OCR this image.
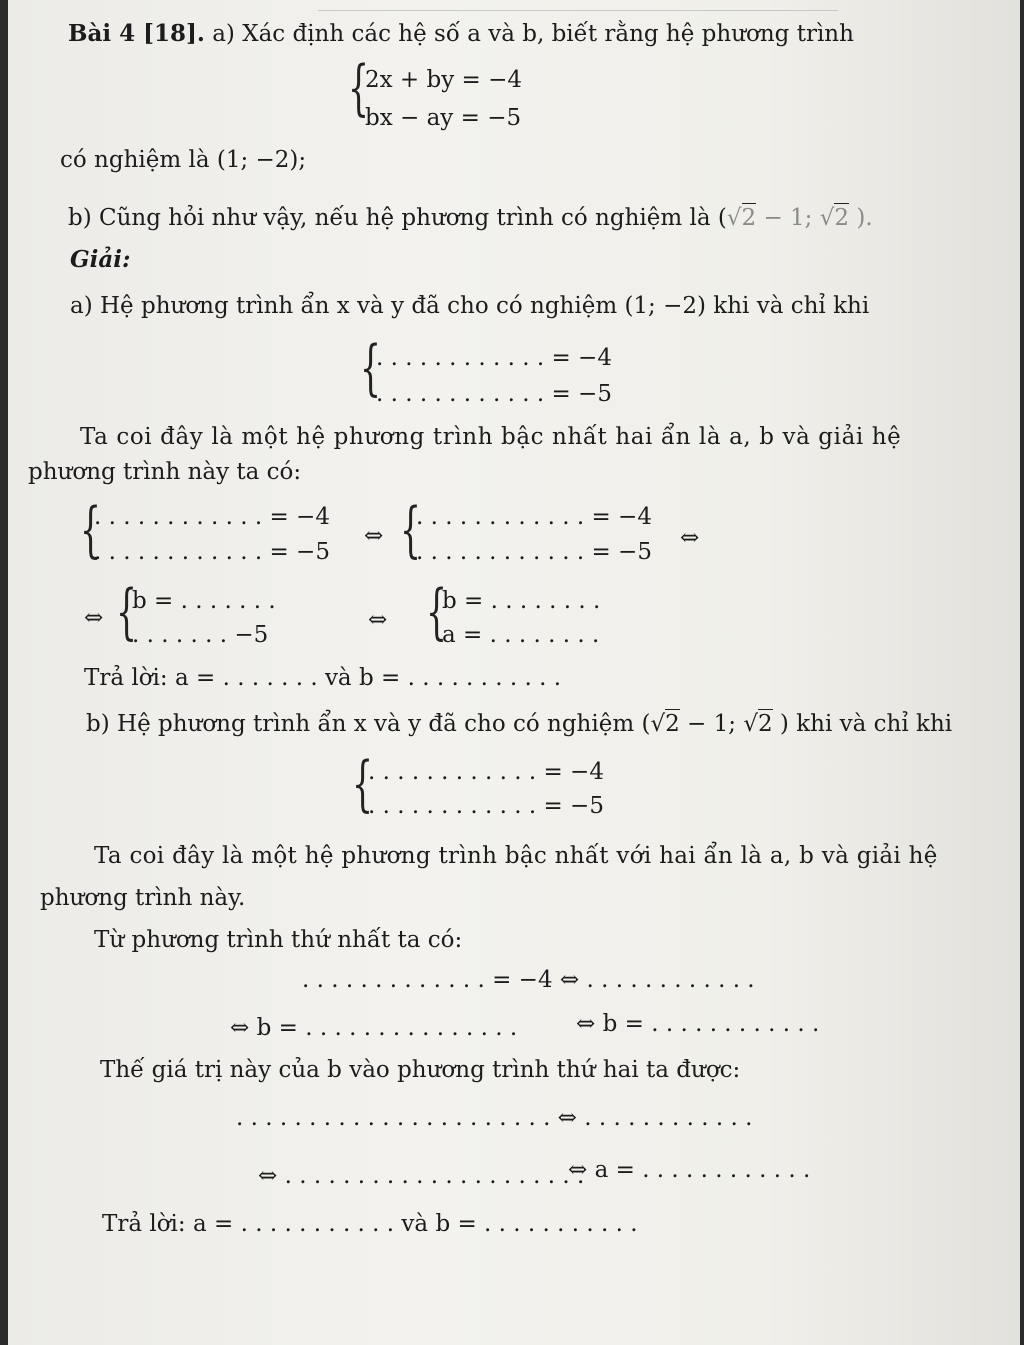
Bài 4 [18]. a) Xác định các hệ số a và b, biết rằng hệ phương trình
{
2x + by = −4
bx − ay = −5
có nghiệm là (1; −2);
b) Cũng hỏi như vậy, nếu hệ phương trình có nghiệm là (√2 − 1; √2 ).
Giải:
a) Hệ phương trình ẩn x và y đã cho có nghiệm (1; −2) khi và chỉ khi
{
. . . . . . . . . . . . = −4
. . . . . . . . . . . . = −5
Ta coi đây là một hệ phương trình bậc nhất hai ẩn là a, b và giải hệ
phương trình này ta có:
{
. . . . . . . . . . . . = −4
. . . . . . . . . . . . = −5
⇔ {
. . . . . . . . . . . . = −4
. . . . . . . . . . . . = −5
⇔
⇔ {
b = . . . . . . .
. . . . . . . −5
⇔ {
b = . . . . . . . .
a = . . . . . . . .
Trả lời: a = . . . . . . . và b = . . . . . . . . . . .
b) Hệ phương trình ẩn x và y đã cho có nghiệm (√2 − 1; √2 ) khi và chỉ khi
{
. . . . . . . . . . . . = −4
. . . . . . . . . . . . = −5
Ta coi đây là một hệ phương trình bậc nhất với hai ẩn là a, b và giải hệ
phương trình này.
Từ phương trình thứ nhất ta có:
. . . . . . . . . . . . . = −4 ⇔ . . . . . . . . . . . .
⇔ b = . . . . . . . . . . . . . . .	⇔ b = . . . . . . . . . . . .
Thế giá trị này của b vào phương trình thứ hai ta được:
. . . . . . . . . . . . . . . . . . . . . . ⇔ . . . . . . . . . . . .
⇔ . . . . . . . . . . . . . . . . . . . . .
⇔ a = . . . . . . . . . . . .
Trả lời: a = . . . . . . . . . . . và b = . . . . . . . . . . .
